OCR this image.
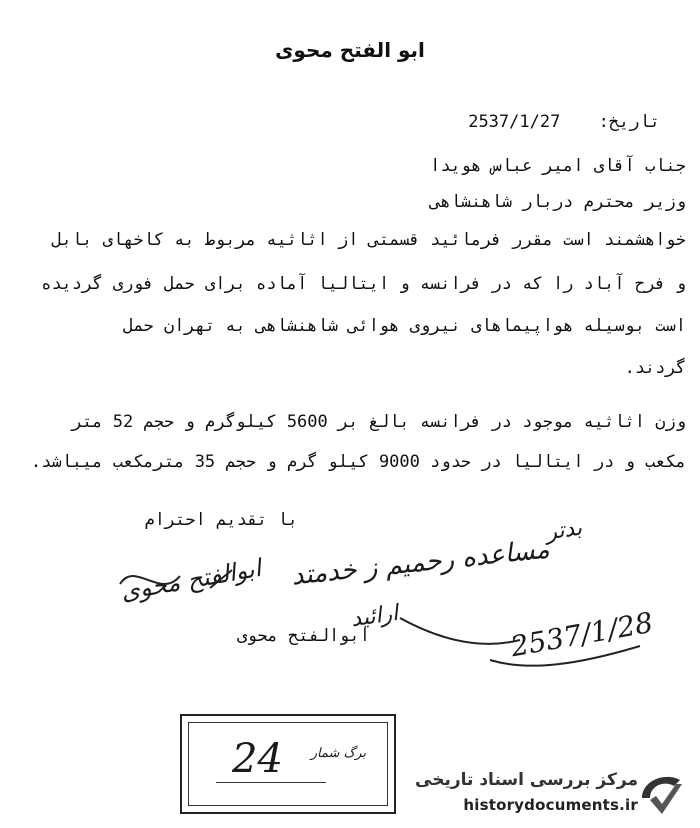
ابو الفتح محوی
تاریخ: 2537/1/27
جناب آقای امیر عباس هویدا
وزیر محترم دربار شاهنشاهی
خواهشمند است مقرر فرمائید قسمتی از اثاثیه مربوط به کاخهای بابل
و فرح آباد را که در فرانسه و ایتالیا آماده برای حمل فوری گردیده
است بوسیله هواپیماهای نیروی هوائی شاهنشاهی به تهران حمل
گردند.
وزن اثاثیه موجود در فرانسه بالغ بر 5600 کیلوگرم و حجم 52 متر
مکعب و در ایتالیا در حدود 9000 کیلو گرم و حجم 35 مترمکعب میباشد.
با تقدیم احترام	بدتر
مساعده رحمیم ز خدمتد
ابوالفتح محوی
ابوالفتح محوی
ارائید	2537/1/28
برگ شمار
24	مرکز بررسی اسناد تاریخی
historydocuments.ir
